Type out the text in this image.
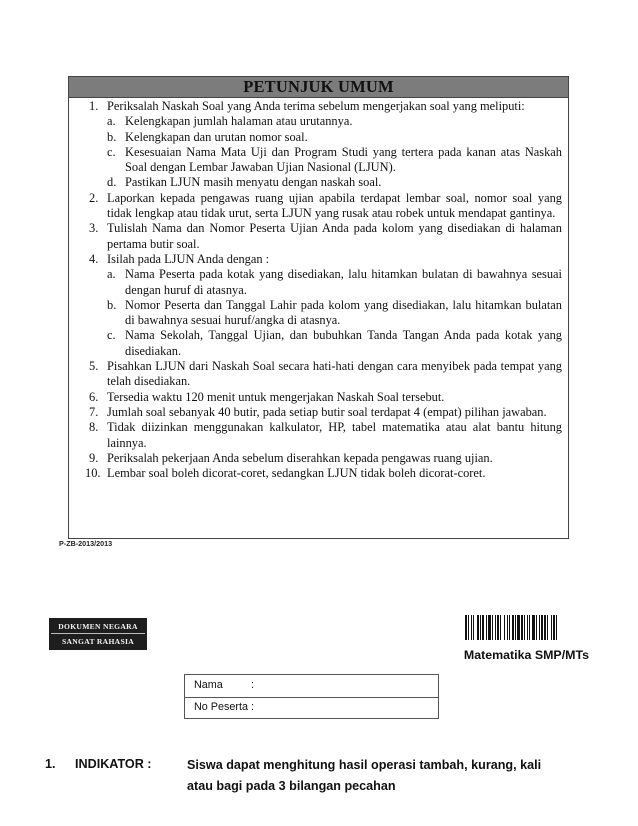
PETUNJUK UMUM
1. Periksalah Naskah Soal yang Anda terima sebelum mengerjakan soal yang meliputi:
a. Kelengkapan jumlah halaman atau urutannya.
b. Kelengkapan dan urutan nomor soal.
c. Kesesuaian Nama Mata Uji dan Program Studi yang tertera pada kanan atas Naskah Soal dengan Lembar Jawaban Ujian Nasional (LJUN).
d. Pastikan LJUN masih menyatu dengan naskah soal.
2. Laporkan kepada pengawas ruang ujian apabila terdapat lembar soal, nomor soal yang tidak lengkap atau tidak urut, serta LJUN yang rusak atau robek untuk mendapat gantinya.
3. Tulislah Nama dan Nomor Peserta Ujian Anda pada kolom yang disediakan di halaman pertama butir soal.
4. Isilah pada LJUN Anda dengan :
a. Nama Peserta pada kotak yang disediakan, lalu hitamkan bulatan di bawahnya sesuai dengan huruf di atasnya.
b. Nomor Peserta dan Tanggal Lahir pada kolom yang disediakan, lalu hitamkan bulatan di bawahnya sesuai huruf/angka di atasnya.
c. Nama Sekolah, Tanggal Ujian, dan bubuhkan Tanda Tangan Anda pada kotak yang disediakan.
5. Pisahkan LJUN dari Naskah Soal secara hati-hati dengan cara menyibek pada tempat yang telah disediakan.
6. Tersedia waktu 120 menit untuk mengerjakan Naskah Soal tersebut.
7. Jumlah soal sebanyak 40 butir, pada setiap butir soal terdapat 4 (empat) pilihan jawaban.
8. Tidak diizinkan menggunakan kalkulator, HP, tabel matematika atau alat bantu hitung lainnya.
9. Periksalah pekerjaan Anda sebelum diserahkan kepada pengawas ruang ujian.
10. Lembar soal boleh dicorat-coret, sedangkan LJUN tidak boleh dicorat-coret.
P-ZB-2013/2013
DOKUMEN NEGARA
SANGAT RAHASIA
Matematika SMP/MTs
Nama	:
No Peserta :
1. INDIKATOR :	Siswa dapat menghitung hasil operasi tambah, kurang, kali
atau bagi pada 3 bilangan pecahan
